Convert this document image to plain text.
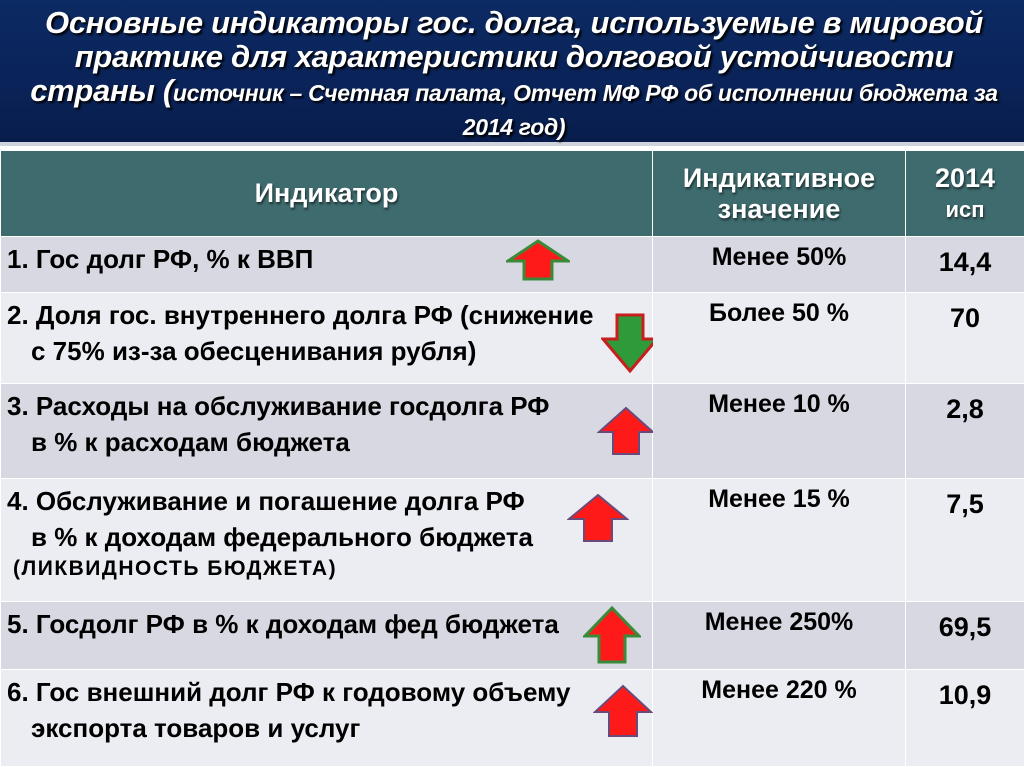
Основные индикаторы гос. долга, используемые в мировой практике для характеристики долговой устойчивости страны (источник – Счетная палата, Отчет МФ РФ об исполнении бюджета за 2014 год)
Индикатор	Индикативное значение	2014
исп

1. Гос долг РФ, % к ВВП	Менее 50%	14,4
2. Доля гос. внутреннего долга РФ (снижение
с 75% из-за обесценивания рубля)	Более 50 %	70
3. Расходы на обслуживание госдолга РФ
в % к расходам бюджета	Менее 10 %	2,8
4. Обслуживание и погашение долга РФ
в % к доходам федерального бюджета
(ЛИКВИДНОСТЬ БЮДЖЕТА)	Менее 15 %	7,5
5. Госдолг РФ в % к доходам фед бюджета	Менее 250%	69,5
6. Гос внешний долг РФ к годовому объему
экспорта товаров и услуг	Менее 220 %	10,9
